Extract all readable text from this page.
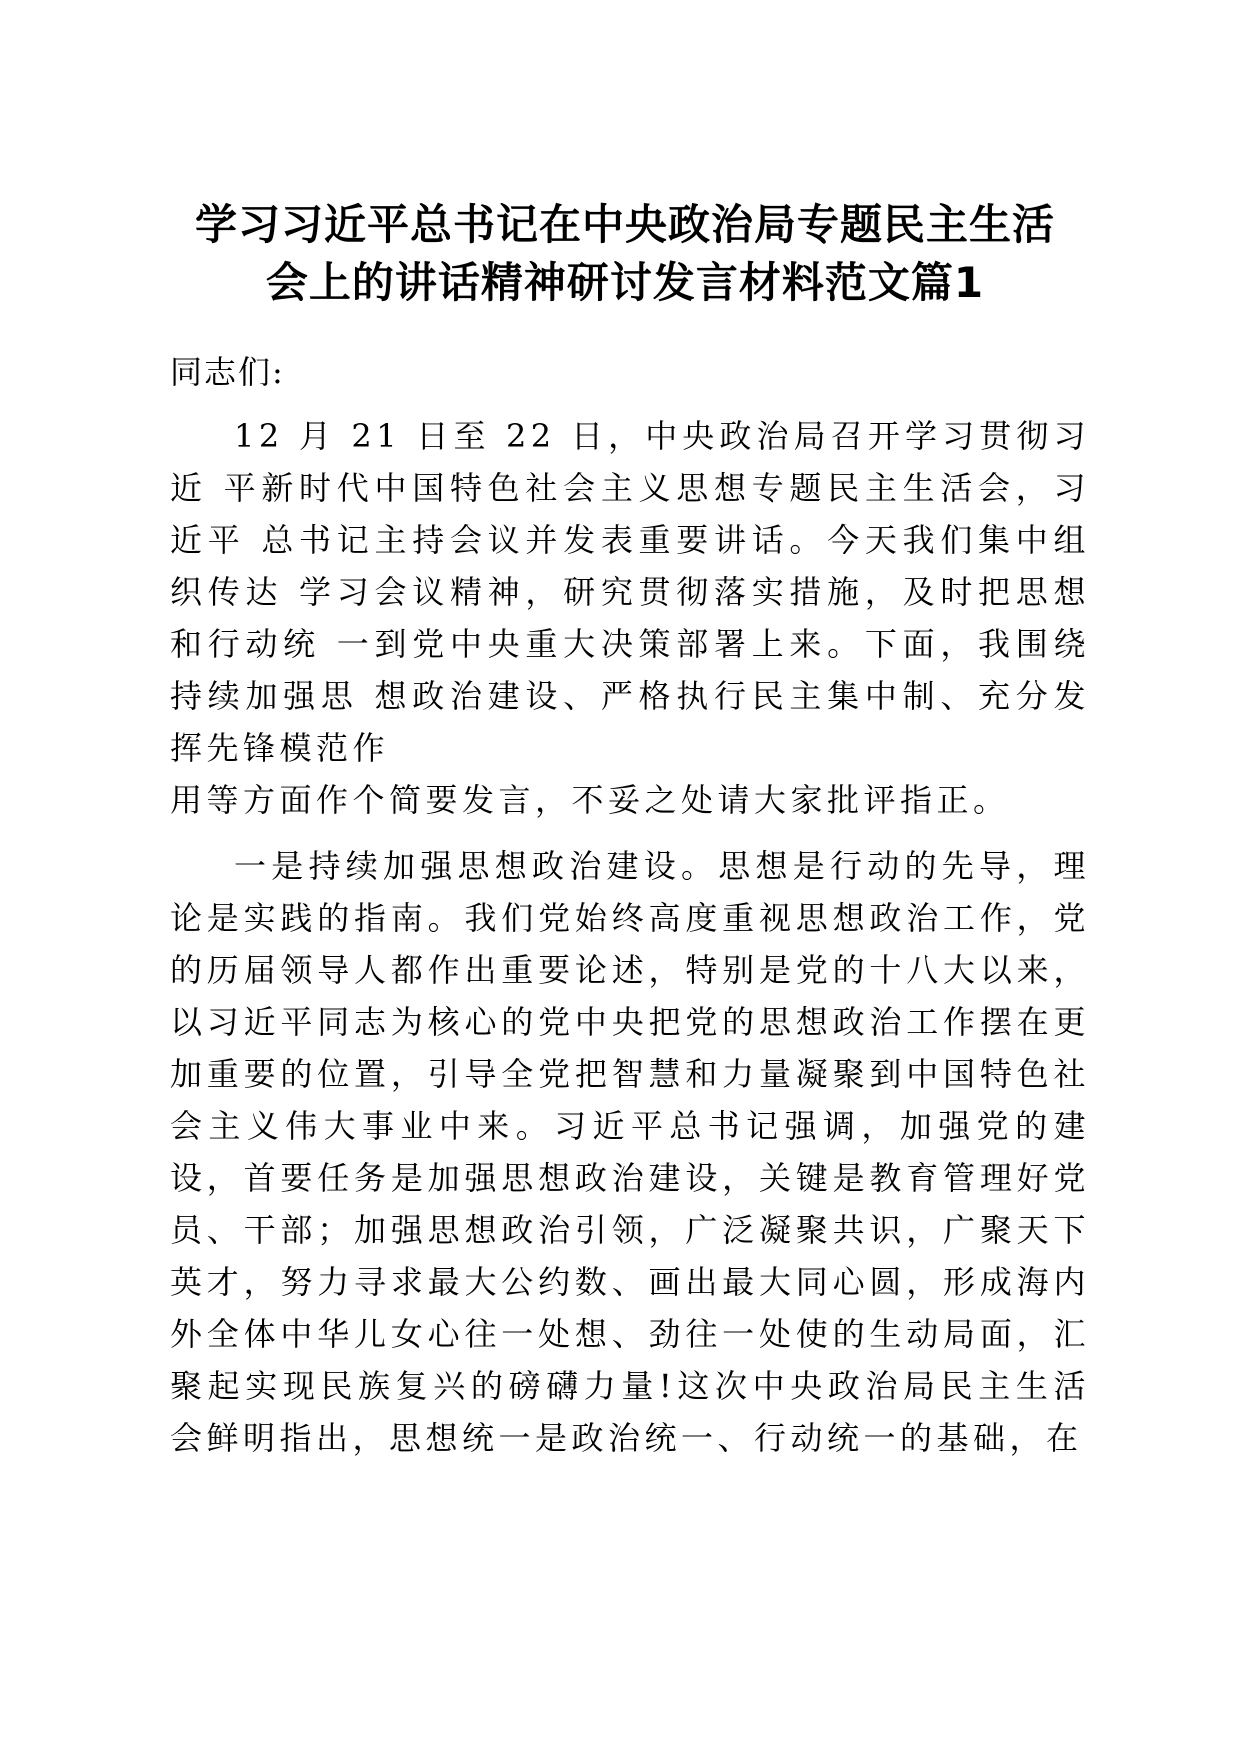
学习习近平总书记在中央政治局专题民主生活
会上的讲话精神研讨发言材料范文篇1

同志们:

12 月 21 日至 22 日，中央政治局召开学习贯彻习近 平新时代中国特色社会主义思想专题民主生活会，习近平 总书记主持会议并发表重要讲话。今天我们集中组织传达 学习会议精神，研究贯彻落实措施，及时把思想和行动统 一到党中央重大决策部署上来。下面，我围绕持续加强思 想政治建设、严格执行民主集中制、充分发挥先锋模范作

用等方面作个简要发言，不妥之处请大家批评指正。

一是持续加强思想政治建设。思想是行动的先导，理论是实践的指南。我们党始终高度重视思想政治工作，党的历届领导人都作出重要论述，特别是党的十八大以来，以习近平同志为核心的党中央把党的思想政治工作摆在更加重要的位置，引导全党把智慧和力量凝聚到中国特色社会主义伟大事业中来。习近平总书记强调，加强党的建设，首要任务是加强思想政治建设，关键是教育管理好党员、干部；加强思想政治引领，广泛凝聚共识，广聚天下英才，努力寻求最大公约数、画出最大同心圆，形成海内外全体中华儿女心往一处想、劲往一处使的生动局面，汇聚起实现民族复兴的磅礴力量!这次中央政治局民主生活会鲜明指出，思想统一是政治统一、行动统一的基础，在
